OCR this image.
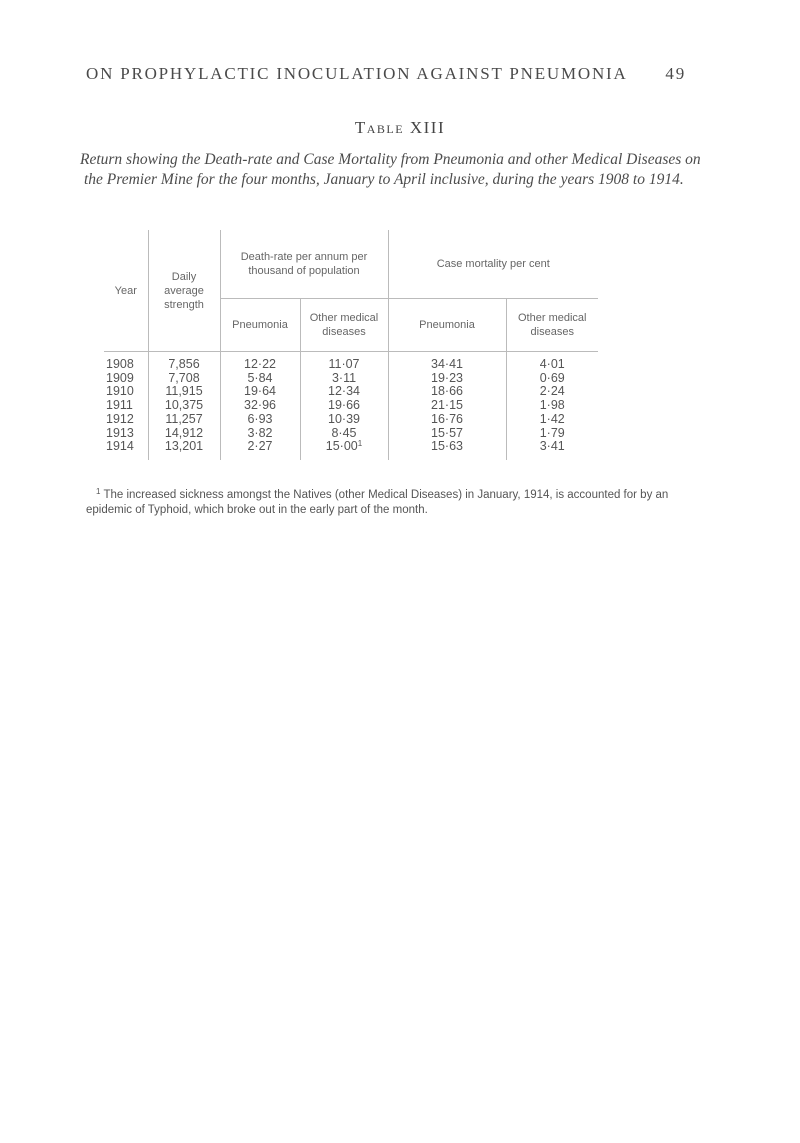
ON PROPHYLACTIC INOCULATION AGAINST PNEUMONIA 49
Table XIII
Return showing the Death-rate and Case Mortality from Pneumonia and other Medical Diseases on the Premier Mine for the four months, January to April inclusive, during the years 1908 to 1914.
Year	Daily average strength	Death-rate per annum per thousand of population		Case mortality per cent	
		Pneumonia	Other medical diseases	Pneumonia	Other medical diseases
1908	7,856	12·22	11·07	34·41	4·01
1909	7,708	5·84	3·11	19·23	0·69
1910	11,915	19·64	12·34	18·66	2·24
1911	10,375	32·96	19·66	21·15	1·98
1912	11,257	6·93	10·39	16·76	1·42
1913	14,912	3·82	8·45	15·57	1·79
1914	13,201	2·27	$15\cdot 00^1$	15·63	3·41
$^1$ The increased sickness amongst the Natives (other Medical Diseases) in January, 1914, is accounted for by an epidemic of Typhoid, which broke out in the early part of the month.
